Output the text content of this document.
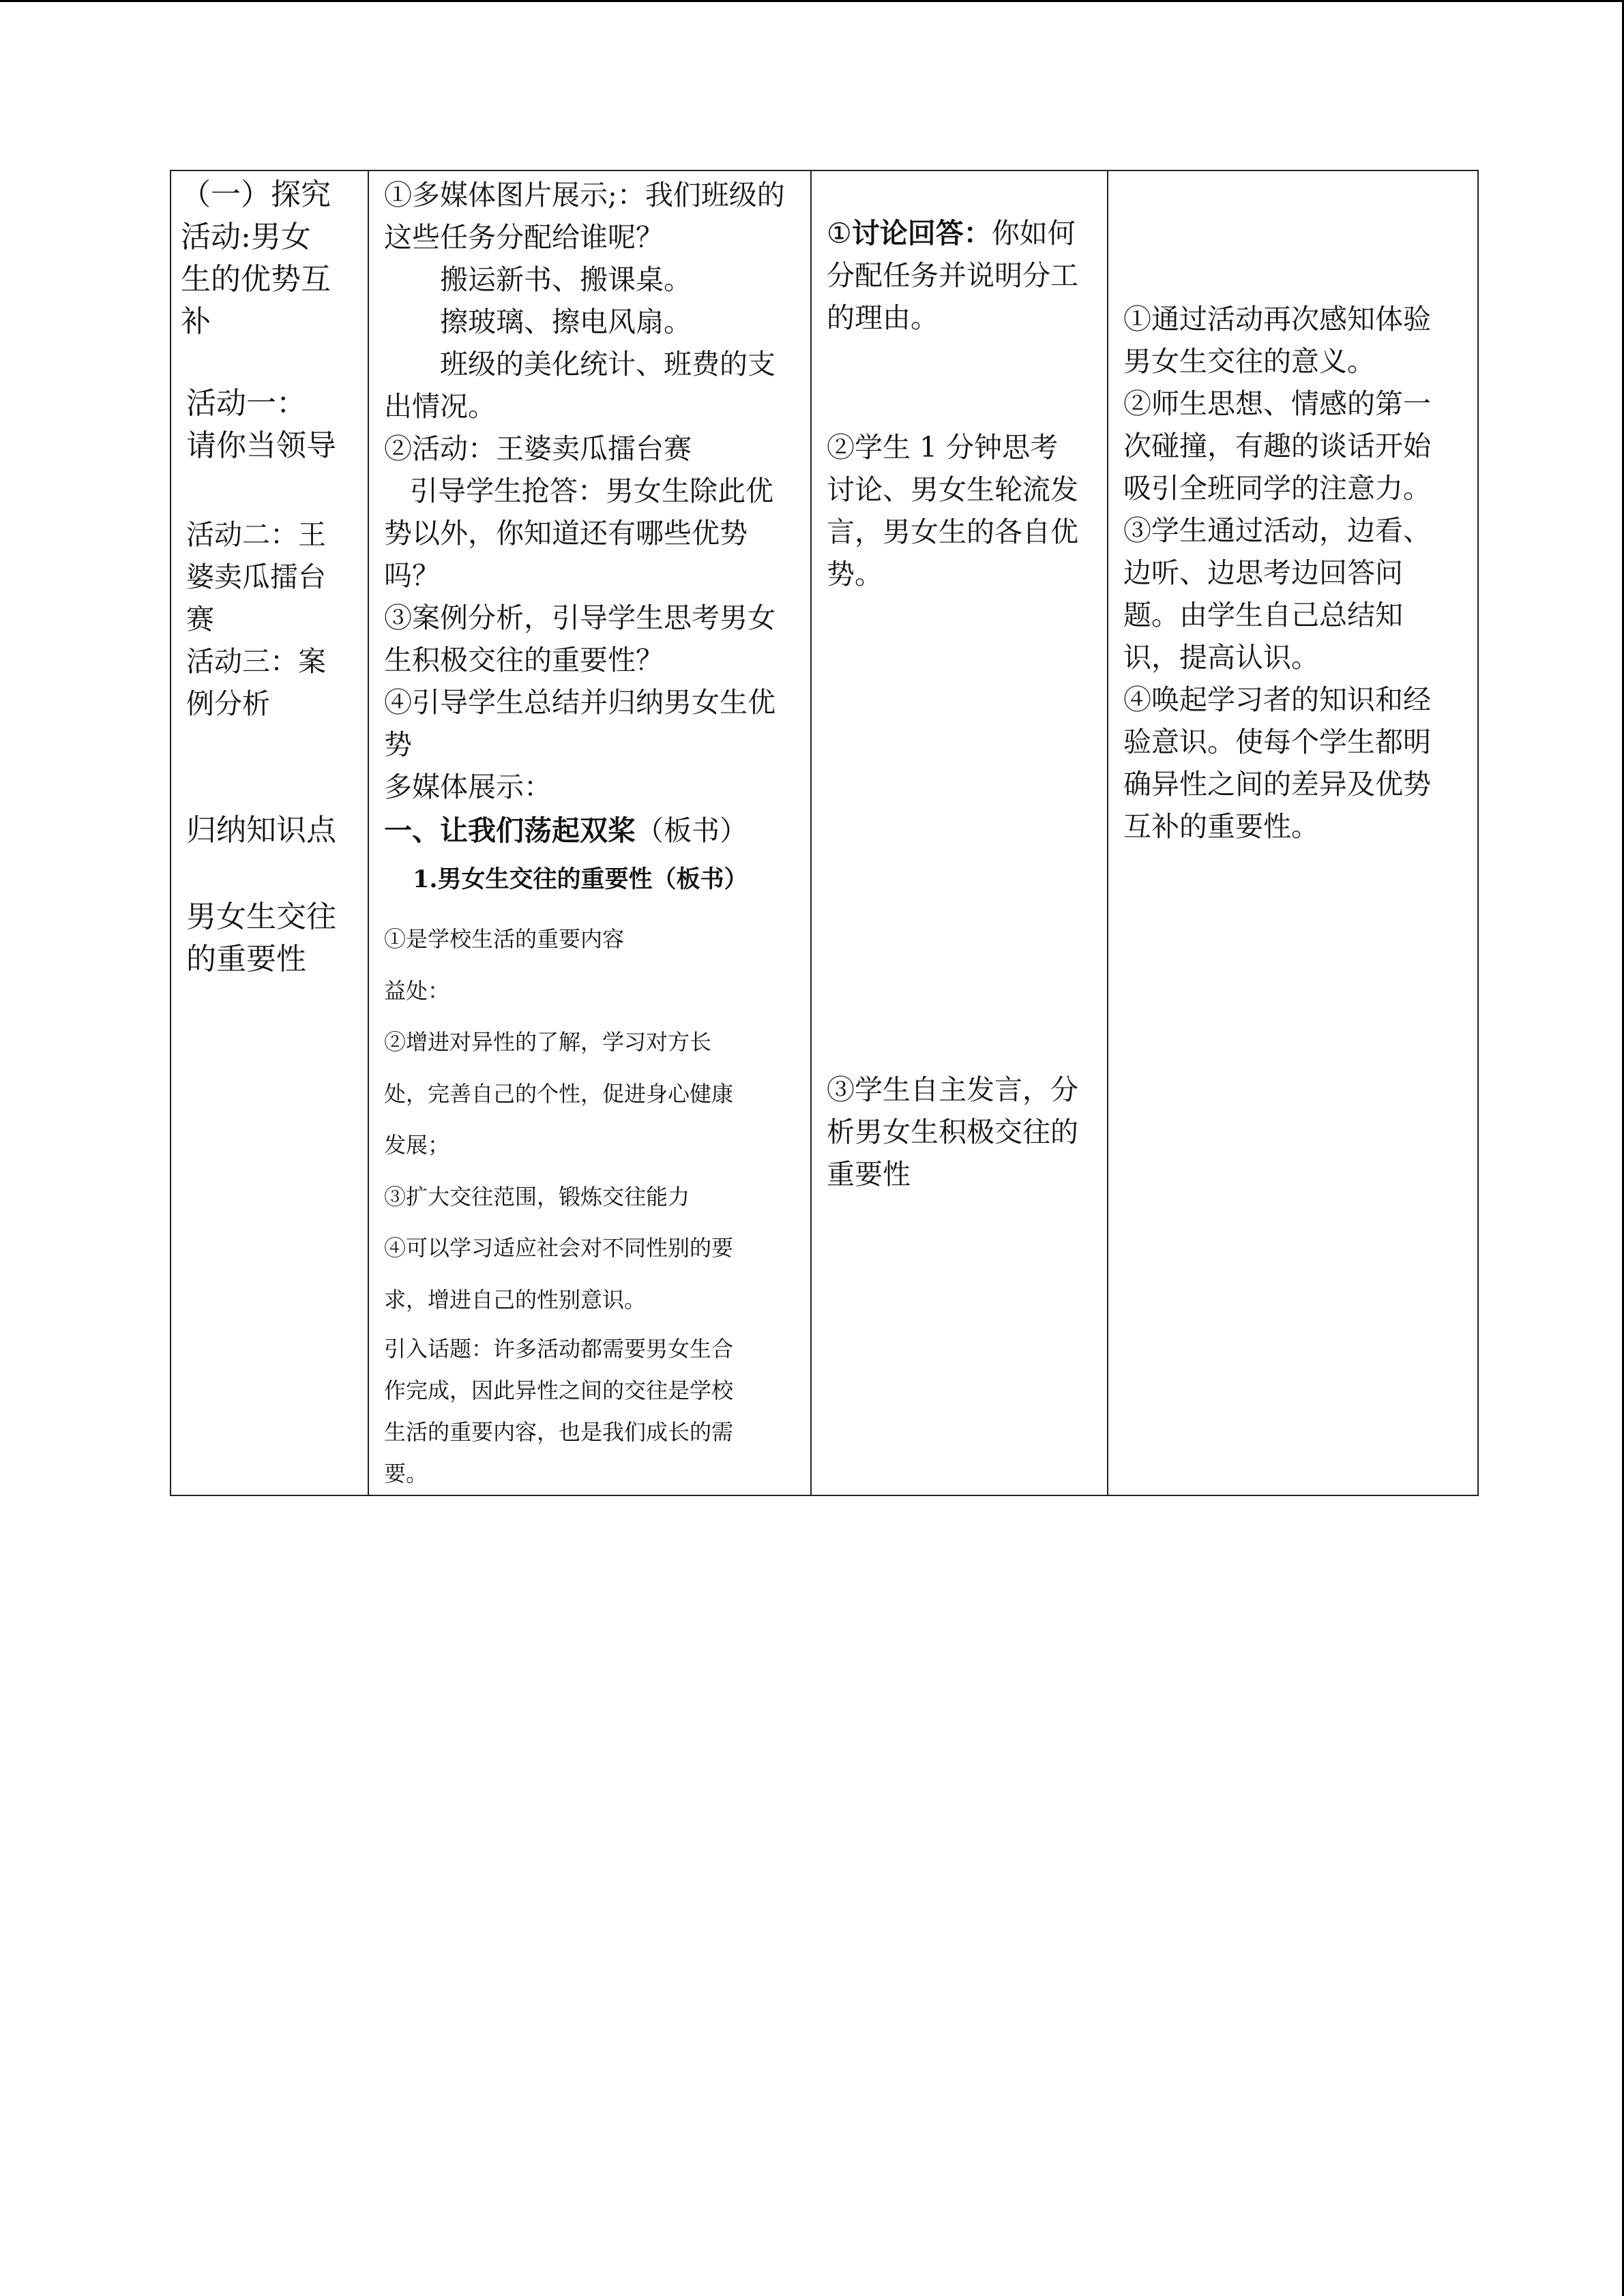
（一）探究
活动:男女
生的优势互
补
活动一：
请你当领导
活动二：王
婆卖瓜擂台
赛
活动三：案
例分析
归纳知识点
男女生交往
的重要性

①多媒体图片展示;：我们班级的
这些任务分配给谁呢？
搬运新书、搬课桌。
擦玻璃、擦电风扇。
班级的美化统计、班费的支
出情况。
②活动：王婆卖瓜擂台赛
引导学生抢答：男女生除此优
势以外，你知道还有哪些优势
吗？
③案例分析，引导学生思考男女
生积极交往的重要性？
④引导学生总结并归纳男女生优
势
多媒体展示：
一、让我们荡起双桨（板书）
1.男女生交往的重要性（板书）
①是学校生活的重要内容
益处：
②增进对异性的了解，学习对方长
处，完善自己的个性，促进身心健康
发展；
③扩大交往范围，锻炼交往能力
④可以学习适应社会对不同性别的要
求，增进自己的性别意识。
引入话题：许多活动都需要男女生合
作完成，因此异性之间的交往是学校
生活的重要内容，也是我们成长的需
要。

①讨论回答：你如何
分配任务并说明分工
的理由。
②学生 1 分钟思考
讨论、男女生轮流发
言，男女生的各自优
势。
③学生自主发言，分
析男女生积极交往的
重要性

①通过活动再次感知体验
男女生交往的意义。
②师生思想、情感的第一
次碰撞，有趣的谈话开始
吸引全班同学的注意力。
③学生通过活动，边看、
边听、边思考边回答问
题。由学生自己总结知
识，提高认识。
④唤起学习者的知识和经
验意识。使每个学生都明
确异性之间的差异及优势
互补的重要性。
